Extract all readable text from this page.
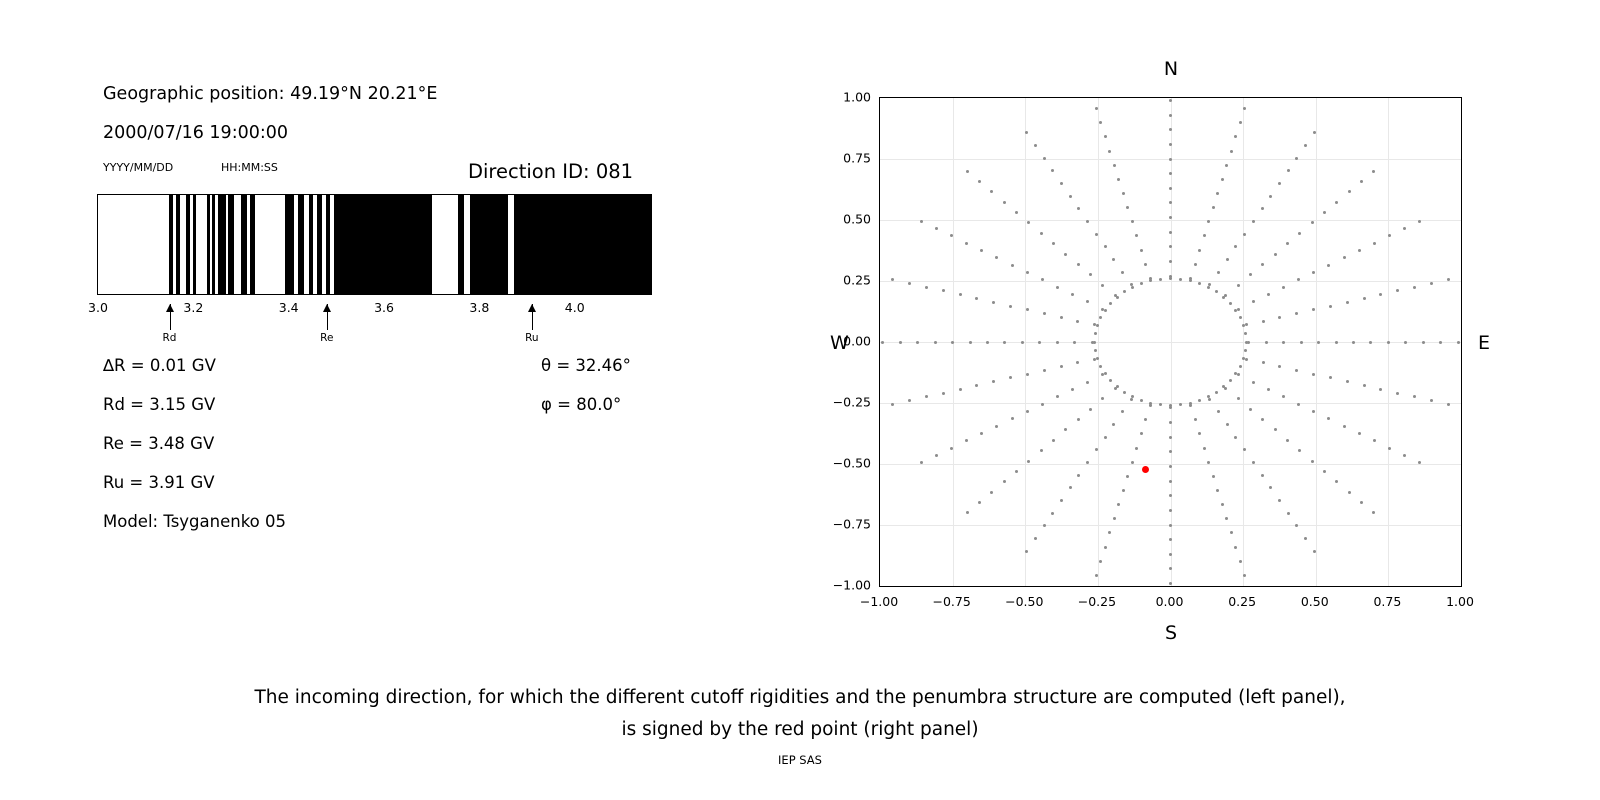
Geographic position: 49.19°N 20.21°E
2000/07/16 19:00:00
YYYY/MM/DD	HH:MM:SS	Direction ID: 081
3.0	3.2	3.4	3.6	3.8	4.0
Rd	Re	Ru
∆R = 0.01 GV
Rd = 3.15 GV
Re = 3.48 GV
Ru = 3.91 GV
Model: Tsyganenko 05
θ = 32.46°
φ = 80.0°
N
S
W	E
−1.00
−0.75
−0.50
−0.25
0.00
0.25
0.50
0.75
1.00
−1.00	−0.75	−0.50	−0.25	0.00	0.25	0.50	0.75	1.00
The incoming direction, for which the different cutoff rigidities and the penumbra structure are computed (left panel),
is signed by the red point (right panel)
IEP SAS
